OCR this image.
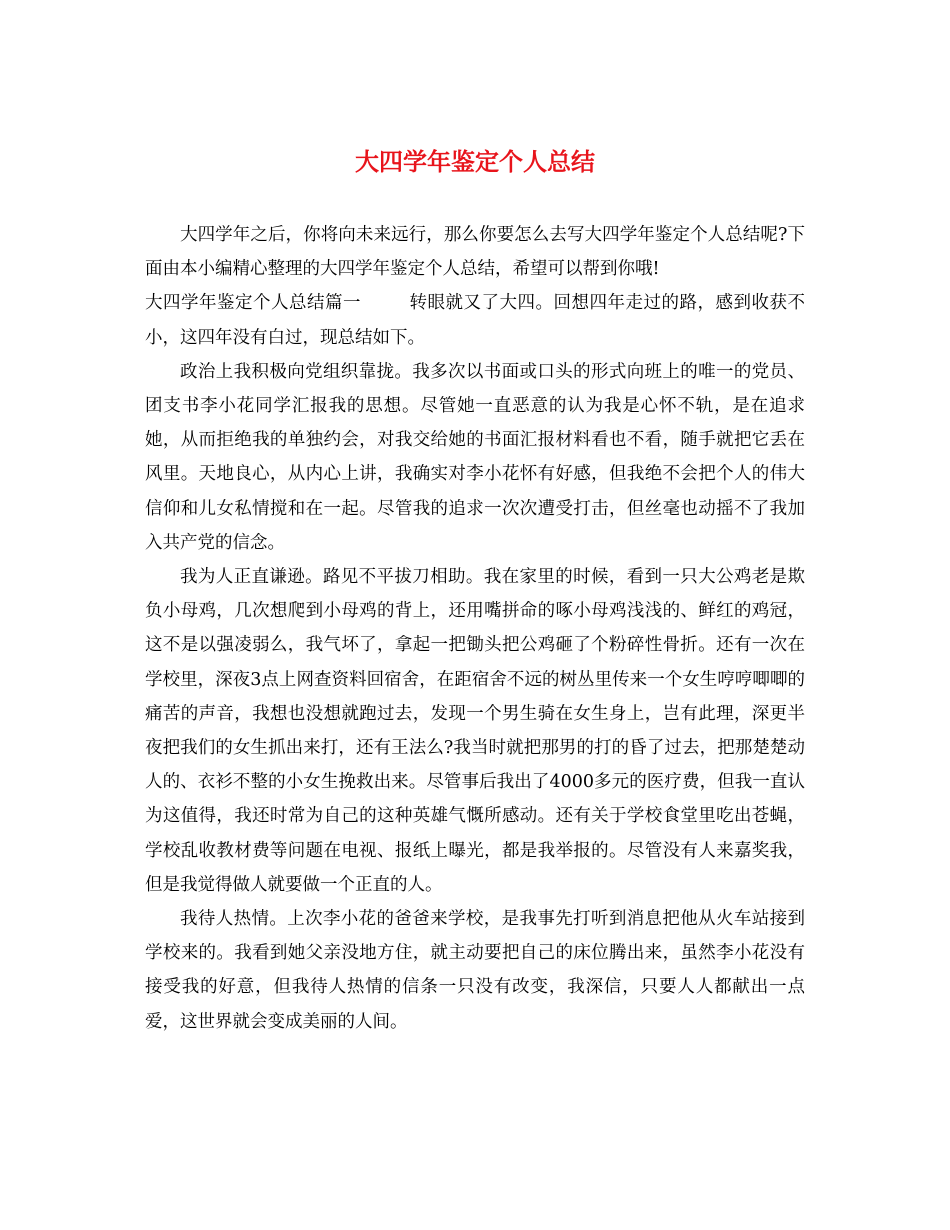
大四学年鉴定个人总结

大四学年之后，你将向未来远行，那么你要怎么去写大四学年鉴定个人总结呢?下面由本小编精心整理的大四学年鉴定个人总结，希望可以帮到你哦!

大四学年鉴定个人总结篇一	转眼就又了大四。回想四年走过的路，感到收获不小，这四年没有白过，现总结如下。

政治上我积极向党组织靠拢。我多次以书面或口头的形式向班上的唯一的党员、团支书李小花同学汇报我的思想。尽管她一直恶意的认为我是心怀不轨，是在追求她，从而拒绝我的单独约会，对我交给她的书面汇报材料看也不看，随手就把它丢在风里。天地良心，从内心上讲，我确实对李小花怀有好感，但我绝不会把个人的伟大信仰和儿女私情搅和在一起。尽管我的追求一次次遭受打击，但丝毫也动摇不了我加入共产党的信念。

我为人正直谦逊。路见不平拔刀相助。我在家里的时候，看到一只大公鸡老是欺负小母鸡，几次想爬到小母鸡的背上，还用嘴拼命的啄小母鸡浅浅的、鲜红的鸡冠，这不是以强凌弱么，我气坏了，拿起一把锄头把公鸡砸了个粉碎性骨折。还有一次在学校里，深夜3点上网查资料回宿舍，在距宿舍不远的树丛里传来一个女生哼哼唧唧的痛苦的声音，我想也没想就跑过去，发现一个男生骑在女生身上，岂有此理，深更半夜把我们的女生抓出来打，还有王法么?我当时就把那男的打的昏了过去，把那楚楚动人的、衣衫不整的小女生挽救出来。尽管事后我出了4000多元的医疗费，但我一直认为这值得，我还时常为自己的这种英雄气慨所感动。还有关于学校食堂里吃出苍蝇，学校乱收教材费等问题在电视、报纸上曝光，都是我举报的。尽管没有人来嘉奖我，但是我觉得做人就要做一个正直的人。

我待人热情。上次李小花的爸爸来学校，是我事先打听到消息把他从火车站接到学校来的。我看到她父亲没地方住，就主动要把自己的床位腾出来，虽然李小花没有接受我的好意，但我待人热情的信条一只没有改变，我深信，只要人人都献出一点爱，这世界就会变成美丽的人间。
